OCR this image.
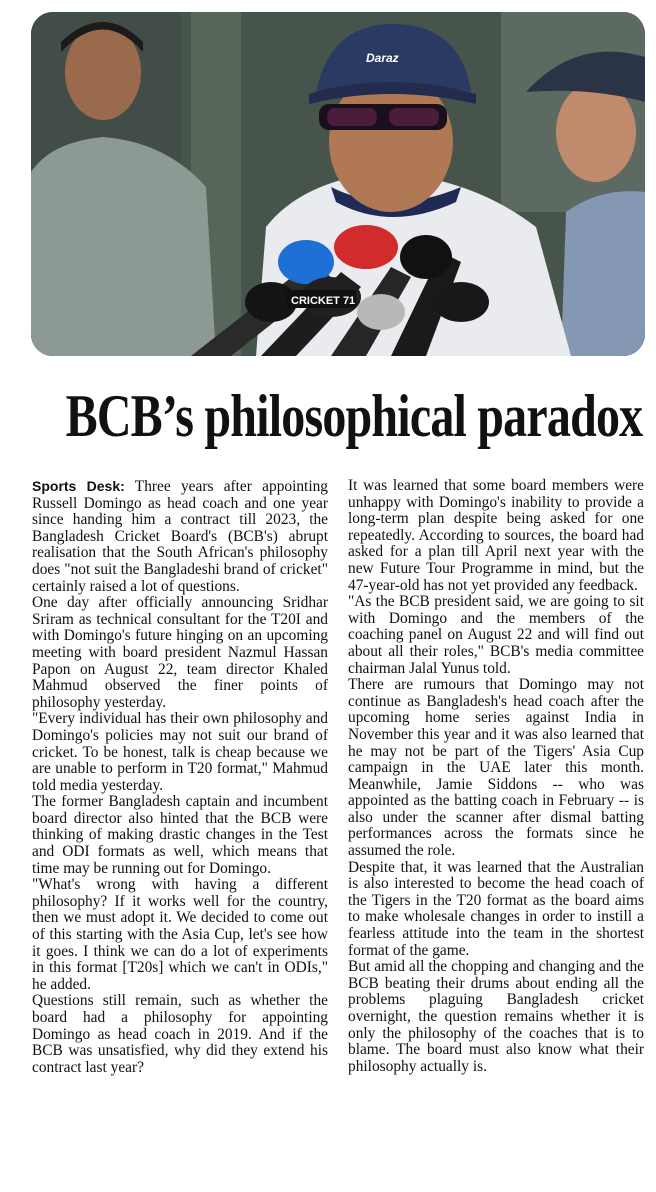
Daraz
CRICKET 71
BCB’s philosophical paradox

Sports Desk: Three years after appointing Russell Domingo as head coach and one year since handing him a contract till 2023, the Bangladesh Cricket Board's (BCB's) abrupt realisation that the South African's philosophy does "not suit the Bangladeshi brand of cricket" certainly raised a lot of questions.

One day after officially announcing Sridhar Sriram as technical consultant for the T20I and with Domingo's future hinging on an upcoming meeting with board president Nazmul Hassan Papon on August 22, team director Khaled Mahmud observed the finer points of philosophy yesterday.

"Every individual has their own philosophy and Domingo's policies may not suit our brand of cricket. To be honest, talk is cheap because we are unable to perform in T20 format," Mahmud told media yesterday.

The former Bangladesh captain and incumbent board director also hinted that the BCB were thinking of making drastic changes in the Test and ODI formats as well, which means that time may be running out for Domingo.

"What's wrong with having a different philosophy? If it works well for the country, then we must adopt it. We decided to come out of this starting with the Asia Cup, let's see how it goes. I think we can do a lot of experiments in this format [T20s] which we can't in ODIs," he added.

Questions still remain, such as whether the board had a philosophy for appointing Domingo as head coach in 2019. And if the BCB was unsatisfied, why did they extend his contract last year?

It was learned that some board members were unhappy with Domingo's inability to provide a long-term plan despite being asked for one repeatedly. According to sources, the board had asked for a plan till April next year with the new Future Tour Programme in mind, but the 47-year-old has not yet provided any feedback.

"As the BCB president said, we are going to sit with Domingo and the members of the coaching panel on August 22 and will find out about all their roles," BCB's media committee chairman Jalal Yunus told.

There are rumours that Domingo may not continue as Bangladesh's head coach after the upcoming home series against India in November this year and it was also learned that he may not be part of the Tigers' Asia Cup campaign in the UAE later this month. Meanwhile, Jamie Siddons -- who was appointed as the batting coach in February -- is also under the scanner after dismal batting performances across the formats since he assumed the role.

Despite that, it was learned that the Australian is also interested to become the head coach of the Tigers in the T20 format as the board aims to make wholesale changes in order to instill a fearless attitude into the team in the shortest format of the game.

But amid all the chopping and changing and the BCB beating their drums about ending all the problems plaguing Bangladesh cricket overnight, the question remains whether it is only the philosophy of the coaches that is to blame. The board must also know what their philosophy actually is.
